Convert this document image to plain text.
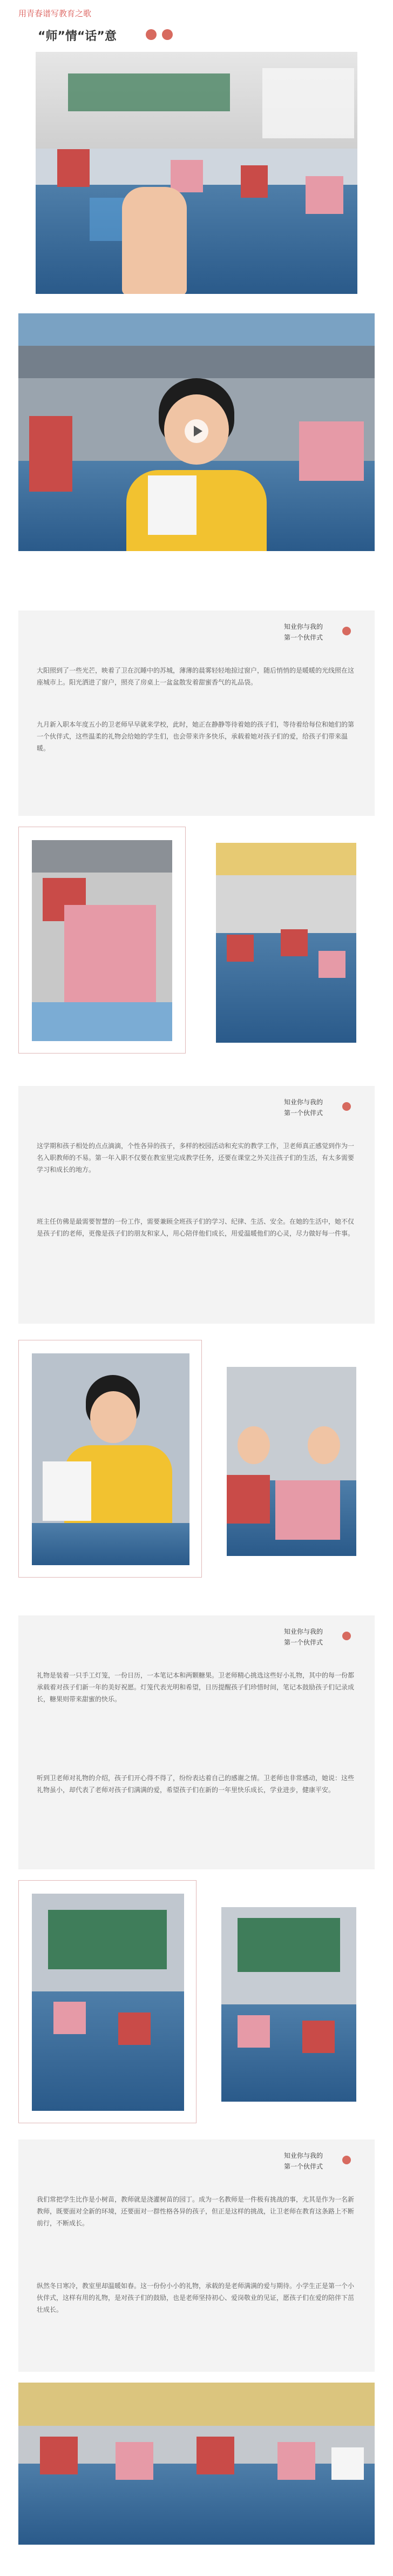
用青春谱写教育之歌
“师”情“话”意
知业你与我的
第一个伙伴式
大阳照到了一些光芒，映着了卫在沉睡中的苏城，薄薄的晨雾轻轻地掠过窗户，随后悄悄的是暖暖的光线照在这座城市上。阳光洒进了窗户，照亮了房桌上一盆盆散发着甜蜜香气的礼品袋。
九月新入职本年度五小的卫老师早早就来学校，此时，她正在静静等待着她的孩子们，等待着给每位和她们的第一个伙伴式，这些温柔的礼物会给她的学生们，也会带来许多快乐，承载着她对孩子们的爱，给孩子们带来温暖。
知业你与我的
第一个伙伴式
这学期和孩子相处的点点滴滴，个性各异的孩子，多样的校园活动和充实的教学工作，卫老师真正感觉到作为一名入职教师的不易。第一年入职不仅要在教室里完成教学任务，还要在课堂之外关注孩子们的生活，有太多需要学习和成长的地方。
班主任仿佛是最需要智慧的一份工作，需要兼顾全班孩子们的学习、纪律、生活、安全。在她的生活中，她不仅是孩子们的老师，更像是孩子们的朋友和家人，用心陪伴他们成长，用爱温暖他们的心灵，尽力做好每一件事。
知业你与我的
第一个伙伴式
礼物是装着一只手工灯笼，一份日历，一本笔记本和两颗糖果。卫老师精心挑选这些好小礼物，其中的每一份都承载着对孩子们新一年的美好祝愿。灯笼代表光明和希望，日历提醒孩子们珍惜时间，笔记本鼓励孩子们记录成长，糖果则带来甜蜜的快乐。
听到卫老师对礼物的介绍，孩子们开心得不得了，纷纷表达着自己的感谢之情。卫老师也非常感动，她说：这些礼物虽小，却代表了老师对孩子们满满的爱，希望孩子们在新的一年里快乐成长，学业进步，健康平安。
知业你与我的
第一个伙伴式
我们常把学生比作是小树苗，教师就是浇灌树苗的园丁。成为一名教师是一件极有挑战的事，尤其是作为一名新教师，既要面对全新的环境，还要面对一群性格各异的孩子，但正是这样的挑战，让卫老师在教育这条路上不断前行，不断成长。
纵然冬日寒冷，教室里却温暖如春。这一份份小小的礼物，承载的是老师满满的爱与期待。小学生正是第一个小伙伴式，这样有用的礼物，是对孩子们的鼓励，也是老师坚持初心、爱岗敬业的见证，愿孩子们在爱的陪伴下茁壮成长。
